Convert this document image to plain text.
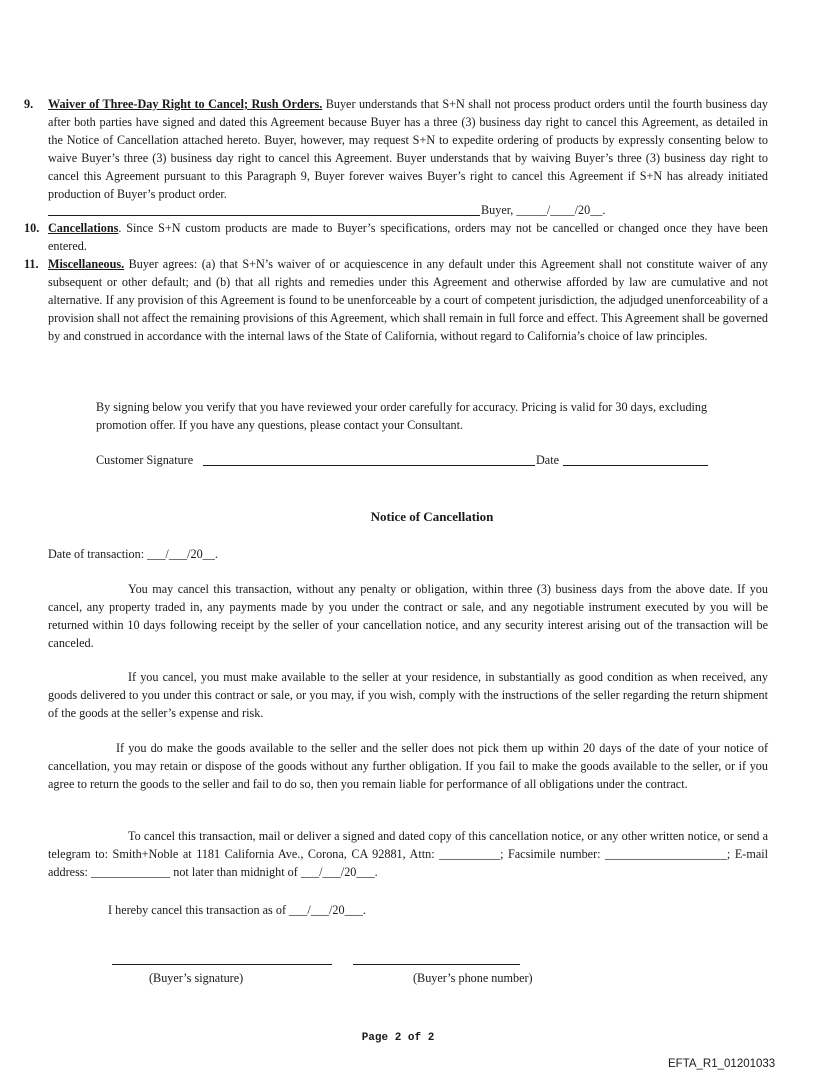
9. Waiver of Three-Day Right to Cancel; Rush Orders. Buyer understands that S+N shall not process product orders until the fourth business day after both parties have signed and dated this Agreement because Buyer has a three (3) business day right to cancel this Agreement, as detailed in the Notice of Cancellation attached hereto. Buyer, however, may request S+N to expedite ordering of products by expressly consenting below to waive Buyer’s three (3) business day right to cancel this Agreement. Buyer understands that by waiving Buyer’s three (3) business day right to cancel this Agreement pursuant to this Paragraph 9, Buyer forever waives Buyer’s right to cancel this Agreement if S+N has already initiated production of Buyer’s product order.
Buyer, _____/____/20__.
10. Cancellations. Since S+N custom products are made to Buyer’s specifications, orders may not be cancelled or changed once they have been entered.
11. Miscellaneous. Buyer agrees: (a) that S+N’s waiver of or acquiescence in any default under this Agreement shall not constitute waiver of any subsequent or other default; and (b) that all rights and remedies under this Agreement and otherwise afforded by law are cumulative and not alternative. If any provision of this Agreement is found to be unenforceable by a court of competent jurisdiction, the adjudged unenforceability of a provision shall not affect the remaining provisions of this Agreement, which shall remain in full force and effect. This Agreement shall be governed by and construed in accordance with the internal laws of the State of California, without regard to California’s choice of law principles.
By signing below you verify that you have reviewed your order carefully for accuracy. Pricing is valid for 30 days, excluding promotion offer. If you have any questions, please contact your Consultant.
Customer Signature	Date
Notice of Cancellation
Date of transaction: ___/___/20__.
You may cancel this transaction, without any penalty or obligation, within three (3) business days from the above date. If you cancel, any property traded in, any payments made by you under the contract or sale, and any negotiable instrument executed by you will be returned within 10 days following receipt by the seller of your cancellation notice, and any security interest arising out of the transaction will be canceled.
If you cancel, you must make available to the seller at your residence, in substantially as good condition as when received, any goods delivered to you under this contract or sale, or you may, if you wish, comply with the instructions of the seller regarding the return shipment of the goods at the seller’s expense and risk.
If you do make the goods available to the seller and the seller does not pick them up within 20 days of the date of your notice of cancellation, you may retain or dispose of the goods without any further obligation. If you fail to make the goods available to the seller, or if you agree to return the goods to the seller and fail to do so, then you remain liable for performance of all obligations under the contract.
To cancel this transaction, mail or deliver a signed and dated copy of this cancellation notice, or any other written notice, or send a telegram to: Smith+Noble at 1181 California Ave., Corona, CA 92881, Attn: __________; Facsimile number: ____________________; E-mail address: _____________ not later than midnight of ___/___/20___.
I hereby cancel this transaction as of ___/___/20___.
(Buyer’s signature)	(Buyer’s phone number)
Page 2 of 2
EFTA_R1_01201033
